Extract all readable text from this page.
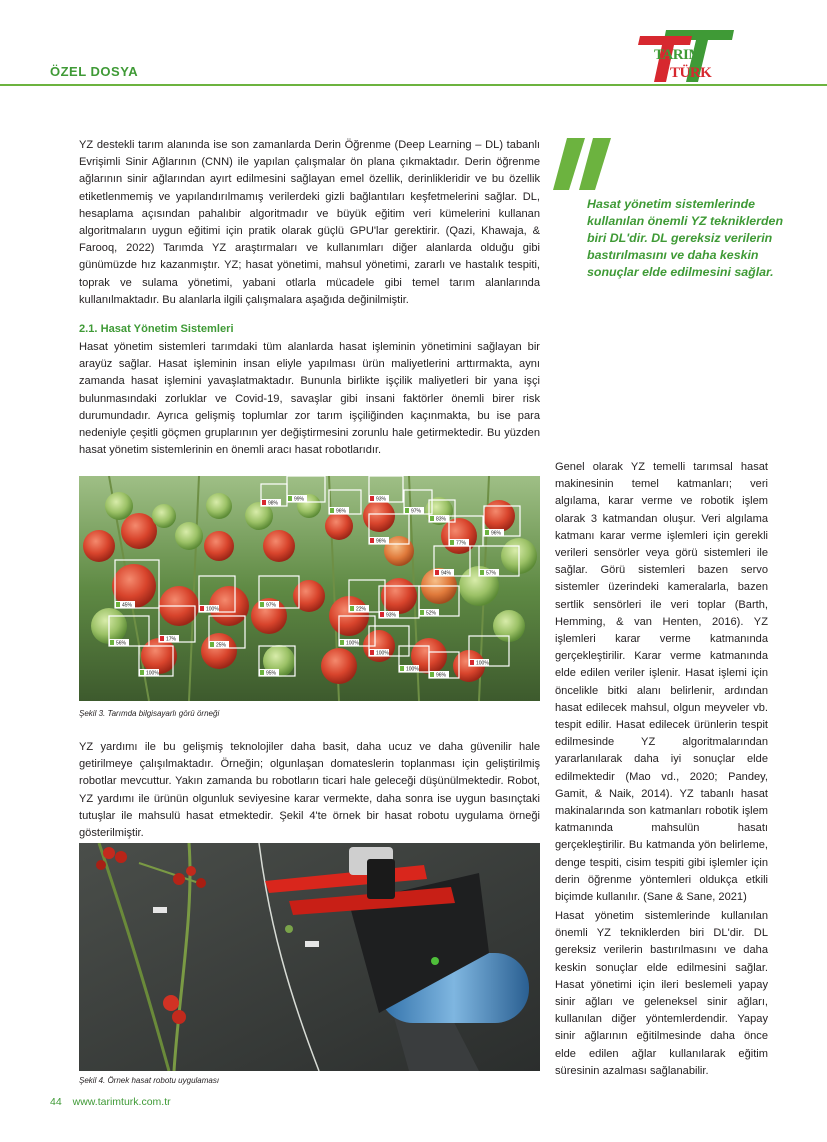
ÖZEL DOSYA
TARIM
TÜRK

YZ destekli tarım alanında ise son zamanlarda Derin Öğrenme (Deep Learning – DL) tabanlı Evrişimli Sinir Ağlarının (CNN) ile yapılan çalışmalar ön plana çıkmaktadır. Derin öğrenme ağlarının sinir ağlarından ayırt edilmesini sağlayan emel özellik, derinlikleridir ve bu özellik etiketlenmemiş ve yapılandırılmamış verilerdeki gizli bağlantıları keşfetmelerini sağlar. DL, hesaplama açısından pahalıbir algoritmadır ve büyük eğitim veri kümelerini kullanan algoritmaların uygun eğitimi için pratik olarak güçlü GPU'lar gerektirir. (Qazi, Khawaja, & Farooq, 2022) Tarımda YZ araştırmaları ve kullanımları diğer alanlarda olduğu gibi günümüzde hız kazanmıştır. YZ; hasat yönetimi, mahsul yönetimi, zararlı ve hastalık tespiti, toprak ve sulama yönetimi, yabani otlarla mücadele gibi temel tarım alanlarında kullanılmaktadır. Bu alanlarla ilgili çalışmalara aşağıda değinilmiştir.

2.1. Hasat Yönetim Sistemleri

Hasat yönetim sistemleri tarımdaki tüm alanlarda hasat işleminin yönetimini sağlayan bir arayüz sağlar. Hasat işleminin insan eliyle yapılması ürün maliyetlerini arttırmakta, aynı zamanda hasat işlemini yavaşlatmaktadır. Bununla birlikte işçilik maliyetleri bir yana işçi bulunmasındaki zorluklar ve Covid-19, savaşlar gibi insani faktörler önemli birer risk durumundadır. Ayrıca gelişmiş toplumlar zor tarım işçiliğinden kaçınmakta, bu ise para nedeniyle çeşitli göçmen gruplarının yer değiştirmesini zorunlu hale getirmektedir. Bu yüzden hasat yönetim sistemlerinin en önemli aracı hasat robotlarıdır.

Hasat yönetim sistemlerinde kullanılan önemli YZ tekniklerden biri DL'dir. DL gereksiz verilerin bastırılmasını ve daha keskin sonuçlar elde edilmesini sağlar.
98%
99%
96%
93%
97%
83%
96%	77%
96%
94%	57%
45%
100%
97%
22%
93%	52%
56%
17%
25%	100%
100%
100%
96%
100%
100%	95%
Şekil 3. Tarımda bilgisayarlı görü örneği

YZ yardımı ile bu gelişmiş teknolojiler daha basit, daha ucuz ve daha güvenilir hale getirilmeye çalışılmaktadır. Örneğin; olgunlaşan domateslerin toplanması için geliştirilmiş robotlar mevcuttur. Yakın zamanda bu robotların ticari hale geleceği düşünülmektedir. Robot, YZ yardımı ile ürünün olgunluk seviyesine karar vermekte, daha sonra ise uygun basınçtaki tutuşlar ile mahsulü hasat etmektedir. Şekil 4'te örnek bir hasat robotu uygulama örneği gösterilmiştir.

Şekil 4. Örnek hasat robotu uygulaması

Genel olarak YZ temelli tarımsal hasat makinesinin temel katmanları; veri algılama, karar verme ve robotik işlem olarak 3 katmandan oluşur. Veri algılama katmanı karar verme işlemleri için gerekli verileri sensörler veya görü sistemleri ile sağlar. Görü sistemleri bazen servo sistemler üzerindeki kameralarla, bazen sertlik sensörleri ile veri toplar (Barth, Hemming, & van Henten, 2016). YZ işlemleri karar verme katmanında gerçekleştirilir. Karar verme katmanında elde edilen veriler işlenir. Hasat işlemi için öncelikle bitki alanı belirlenir, ardından hasat edilecek mahsul, olgun meyveler vb. tespit edilir. Hasat edilecek ürünlerin tespit edilmesinde YZ algoritmalarından yararlanılarak daha iyi sonuçlar elde edilmektedir (Mao vd., 2020; Pandey, Gamit, & Naik, 2014). YZ tabanlı hasat makinalarında son katmanları robotik işlem katmanında mahsulün hasatı gerçekleştirilir. Bu katmanda yön belirleme, denge tespiti, cisim tespiti gibi işlemler için derin öğrenme yöntemleri oldukça etkili biçimde kullanılır. (Sane & Sane, 2021)

Hasat yönetim sistemlerinde kullanılan önemli YZ tekniklerden biri DL'dir. DL gereksiz verilerin bastırılmasını ve daha keskin sonuçlar elde edilmesini sağlar. Hasat yönetimi için ileri beslemeli yapay sinir ağları ve geleneksel sinir ağları, kullanılan diğer yöntemlerdendir. Yapay sinir ağlarının eğitilmesinde daha önce elde edilen ağlar kullanılarak eğitim süresinin azalması sağlanabilir.

44 www.tarimturk.com.tr
